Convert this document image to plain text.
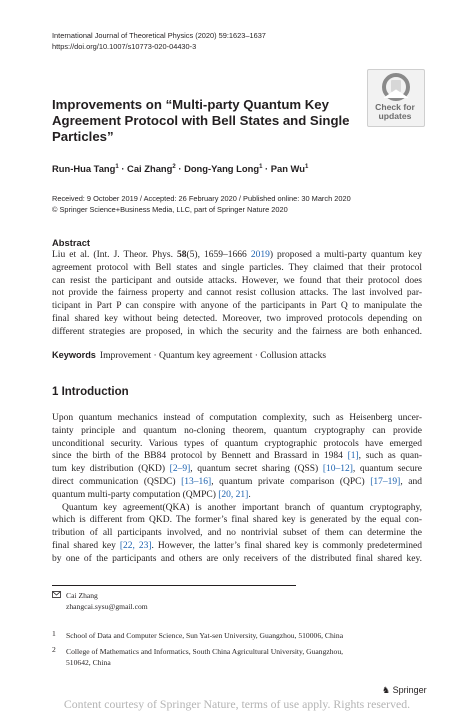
International Journal of Theoretical Physics (2020) 59:1623–1637
https://doi.org/10.1007/s10773-020-04430-3
Check for
updates
Improvements on “Multi-party Quantum Key Agreement Protocol with Bell States and Single Particles”
Run-Hua Tang$^1$ · Cai Zhang$^2$ · Dong-Yang Long$^1$ · Pan Wu$^1$
Received: 9 October 2019 / Accepted: 26 February 2020 / Published online: 30 March 2020
© Springer Science+Business Media, LLC, part of Springer Nature 2020
Abstract
Liu et al. (Int. J. Theor. Phys. 58(5), 1659–1666 2019) proposed a multi-party quantum key
agreement protocol with Bell states and single particles. They claimed that their protocol
can resist the participant and outside attacks. However, we found that their protocol does
not provide the fairness property and cannot resist collusion attacks. The last involved par-
ticipant in Part P can conspire with anyone of the participants in Part Q to manipulate the
final shared key without being detected. Moreover, two improved protocols depending on
different strategies are proposed, in which the security and the fairness are both enhanced.
Keywords Improvement · Quantum key agreement · Collusion attacks
1 Introduction
Upon quantum mechanics instead of computation complexity, such as Heisenberg uncer-
tainty principle and quantum no-cloning theorem, quantum cryptography can provide
unconditional security. Various types of quantum cryptographic protocols have emerged
since the birth of the BB84 protocol by Bennett and Brassard in 1984 [1], such as quan-
tum key distribution (QKD) [2–9], quantum secret sharing (QSS) [10–12], quantum secure
direct communication (QSDC) [13–16], quantum private comparison (QPC) [17–19], and
quantum multi-party computation (QMPC) [20, 21].
Quantum key agreement(QKA) is another important branch of quantum cryptography,
which is different from QKD. The former’s final shared key is generated by the equal con-
tribution of all participants involved, and no nontrivial subset of them can determine the
final shared key [22, 23]. However, the latter’s final shared key is commonly predetermined
by one of the participants and others are only receivers of the distributed final shared key.
Cai Zhang
zhangcai.sysu@gmail.com
1 School of Data and Computer Science, Sun Yat-sen University, Guangzhou, 510006, China
2 College of Mathematics and Informatics, South China Agricultural University, Guangzhou,
510642, China
♞ Springer
Content courtesy of Springer Nature, terms of use apply. Rights reserved.
